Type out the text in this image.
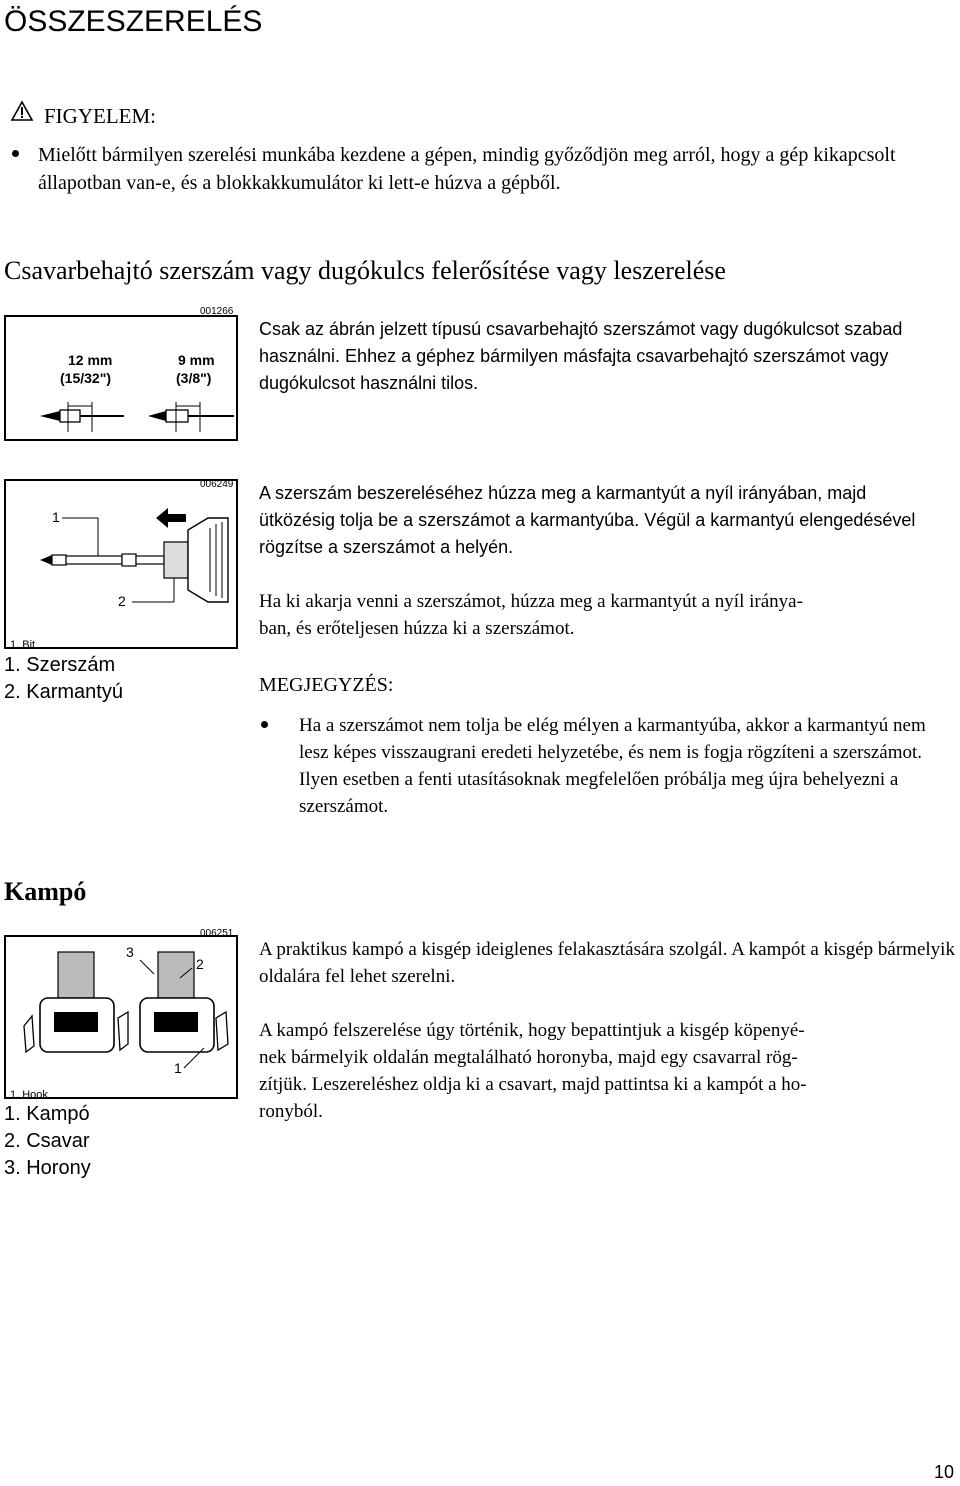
ÖSSZESZERELÉS
FIGYELEM:
Mielőtt bármilyen szerelési munkába kezdene a gépen, mindig győződjön meg arról, hogy a gép kikapcsolt állapotban van-e, és a blokkakkumulátor ki lett-e húzva a gépből.
Csavarbehajtó szerszám vagy dugókulcs felerősítése vagy leszerelése
001266
12 mm
(15/32")
9 mm
(3/8")
Csak az ábrán jelzett típusú csavarbehajtó szerszámot vagy dugókulcsot szabad használni. Ehhez a géphez bármilyen másfajta csavarbehajtó szerszámot vagy dugókulcsot használni tilos.
006249
1
2
1. Bit
1. Szerszám
2. Karmantyú
A szerszám beszereléséhez húzza meg a karmantyút a nyíl irányában, majd ütközésig tolja be a szerszámot a karmantyúba. Végül a karmantyú elengedésével rögzítse a szerszámot a helyén.
Ha ki akarja venni a szerszámot, húzza meg a karmantyút a nyíl iránya-
ban, és erőteljesen húzza ki a szerszámot.
MEGJEGYZÉS:
Ha a szerszámot nem tolja be elég mélyen a karmantyúba, akkor a karmantyú nem lesz képes visszaugrani eredeti helyzetébe, és nem is fogja rögzíteni a szerszámot. Ilyen esetben a fenti utasításoknak megfelelően próbálja meg újra behelyezni a szerszámot.
Kampó
006251
3
2
1
1. Hook
1. Kampó
2. Csavar
3. Horony
A praktikus kampó a kisgép ideiglenes felakasztására szolgál. A kampót a kisgép bármelyik oldalára fel lehet szerelni.
A kampó felszerelése úgy történik, hogy bepattintjuk a kisgép köpenyé-
nek bármelyik oldalán megtalálható horonyba, majd egy csavarral rög-
zítjük. Leszereléshez oldja ki a csavart, majd pattintsa ki a kampót a ho-
ronyból.
10
